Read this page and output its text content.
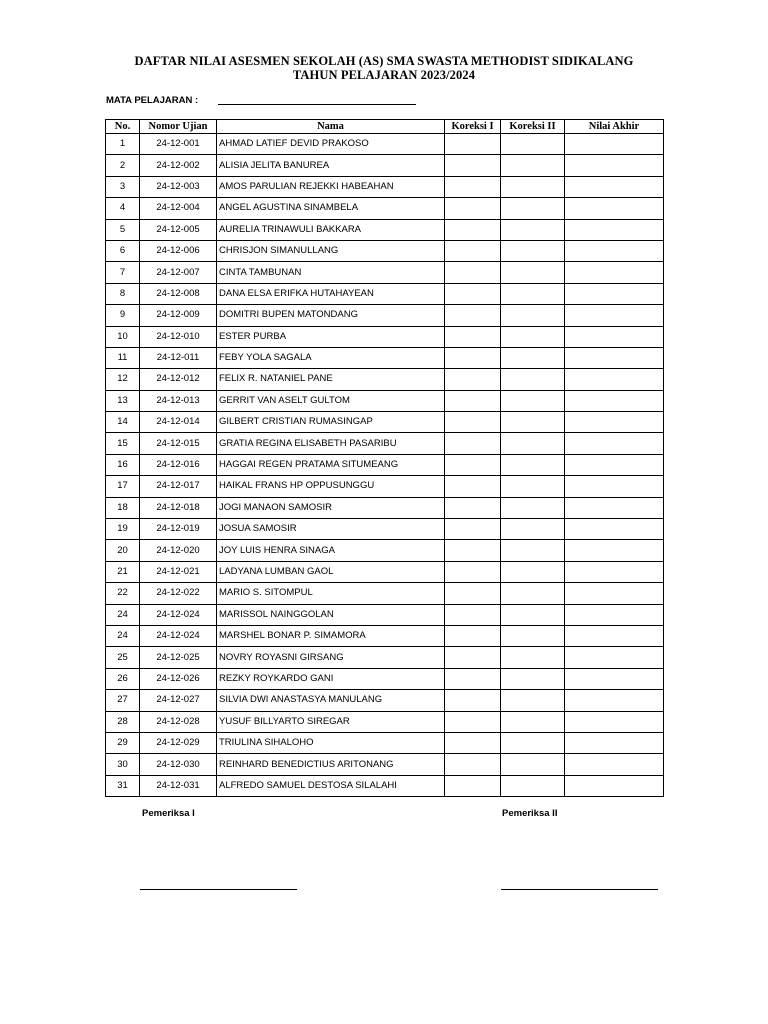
DAFTAR NILAI ASESMEN SEKOLAH (AS) SMA SWASTA METHODIST SIDIKALANG
TAHUN PELAJARAN 2023/2024
MATA PELAJARAN :
No.	Nomor Ujian	Nama	Koreksi I	Koreksi II	Nilai Akhir
1	24-12-001	AHMAD LATIEF DEVID PRAKOSO			
2	24-12-002	ALISIA JELITA BANUREA			
3	24-12-003	AMOS PARULIAN REJEKKI HABEAHAN			
4	24-12-004	ANGEL AGUSTINA SINAMBELA			
5	24-12-005	AURELIA TRINAWULI BAKKARA			
6	24-12-006	CHRISJON SIMANULLANG			
7	24-12-007	CINTA TAMBUNAN			
8	24-12-008	DANA ELSA ERIFKA HUTAHAYEAN			
9	24-12-009	DOMITRI BUPEN MATONDANG			
10	24-12-010	ESTER PURBA			
11	24-12-011	FEBY YOLA SAGALA			
12	24-12-012	FELIX R. NATANIEL PANE			
13	24-12-013	GERRIT VAN ASELT GULTOM			
14	24-12-014	GILBERT CRISTIAN RUMASINGAP			
15	24-12-015	GRATIA REGINA ELISABETH PASARIBU			
16	24-12-016	HAGGAI REGEN PRATAMA SITUMEANG			
17	24-12-017	HAIKAL FRANS HP OPPUSUNGGU			
18	24-12-018	JOGI MANAON SAMOSIR			
19	24-12-019	JOSUA SAMOSIR			
20	24-12-020	JOY LUIS HENRA SINAGA			
21	24-12-021	LADYANA LUMBAN GAOL			
22	24-12-022	MARIO S. SITOMPUL			
24	24-12-024	MARISSOL NAINGGOLAN			
24	24-12-024	MARSHEL BONAR P. SIMAMORA			
25	24-12-025	NOVRY ROYASNI GIRSANG			
26	24-12-026	REZKY ROYKARDO GANI			
27	24-12-027	SILVIA DWI ANASTASYA MANULANG			
28	24-12-028	YUSUF BILLYARTO SIREGAR			
29	24-12-029	TRIULINA SIHALOHO			
30	24-12-030	REINHARD BENEDICTIUS ARITONANG			
31	24-12-031	ALFREDO SAMUEL DESTOSA SILALAHI			
Pemeriksa I	Pemeriksa II
